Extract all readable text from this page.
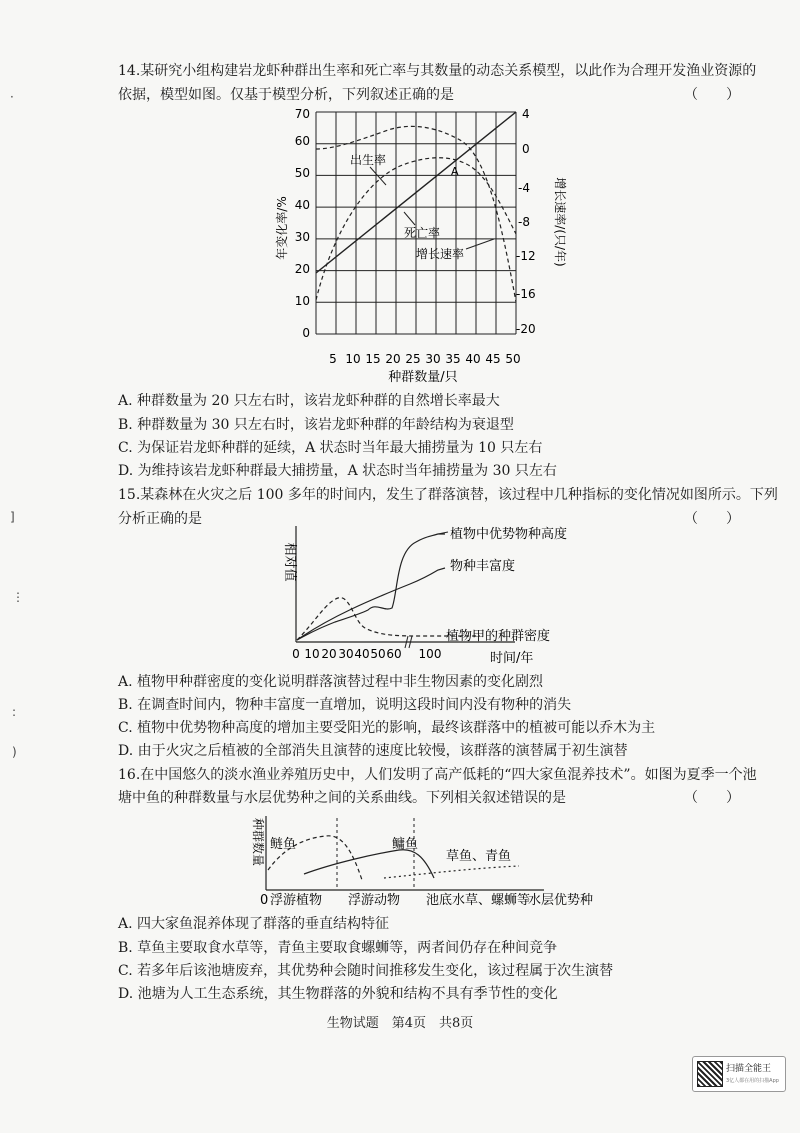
·
]
⋮
:
)
14.某研究小组构建岩龙虾种群出生率和死亡率与其数量的动态关系模型，以此作为合理开发渔业资源的
依据，模型如图。仅基于模型分析，下列叙述正确的是	（　　）
0
10
20
30
40
50
60
70	4
0
-4
-8
-12
-16
-20
5 10 15 20 25 30 35 40 45 50
种群数量/只
年变化率/%	增长速率/(只/年)
出生率
A
死亡率
增长速率
A. 种群数量为 20 只左右时，该岩龙虾种群的自然增长率最大
B. 种群数量为 30 只左右时，该岩龙虾种群的年龄结构为衰退型
C. 为保证岩龙虾种群的延续，A 状态时当年最大捕捞量为 10 只左右
D. 为维持该岩龙虾种群最大捕捞量，A 状态时当年捕捞量为 30 只左右
15.某森林在火灾之后 100 多年的时间内，发生了群落演替，该过程中几种指标的变化情况如图所示。下列
分析正确的是	（　　）
相对值
0 10 20 30 40 50 60 100	时间/年
植物中优势物种高度
物种丰富度
植物甲的种群密度
A. 植物甲种群密度的变化说明群落演替过程中非生物因素的变化剧烈
B. 在调查时间内，物种丰富度一直增加，说明这段时间内没有物种的消失
C. 植物中优势物种高度的增加主要受阳光的影响，最终该群落中的植被可能以乔木为主
D. 由于火灾之后植被的全部消失且演替的速度比较慢，该群落的演替属于初生演替
16.在中国悠久的淡水渔业养殖历史中，人们发明了高产低耗的“四大家鱼混养技术”。如图为夏季一个池
塘中鱼的种群数量与水层优势种之间的关系曲线。下列相关叙述错误的是	（　　）
种群数量
0 浮游植物 浮游动物 池底水草、螺蛳等
水层优势种
鲢鱼	鳙鱼
草鱼、青鱼
A. 四大家鱼混养体现了群落的垂直结构特征
B. 草鱼主要取食水草等，青鱼主要取食螺蛳等，两者间仍存在种间竞争
C. 若多年后该池塘废弃，其优势种会随时间推移发生变化，该过程属于次生演替
D. 池塘为人工生态系统，其生物群落的外貌和结构不具有季节性的变化
生物试题　第4页　共8页
扫描全能王
3亿人都在用的扫描App
